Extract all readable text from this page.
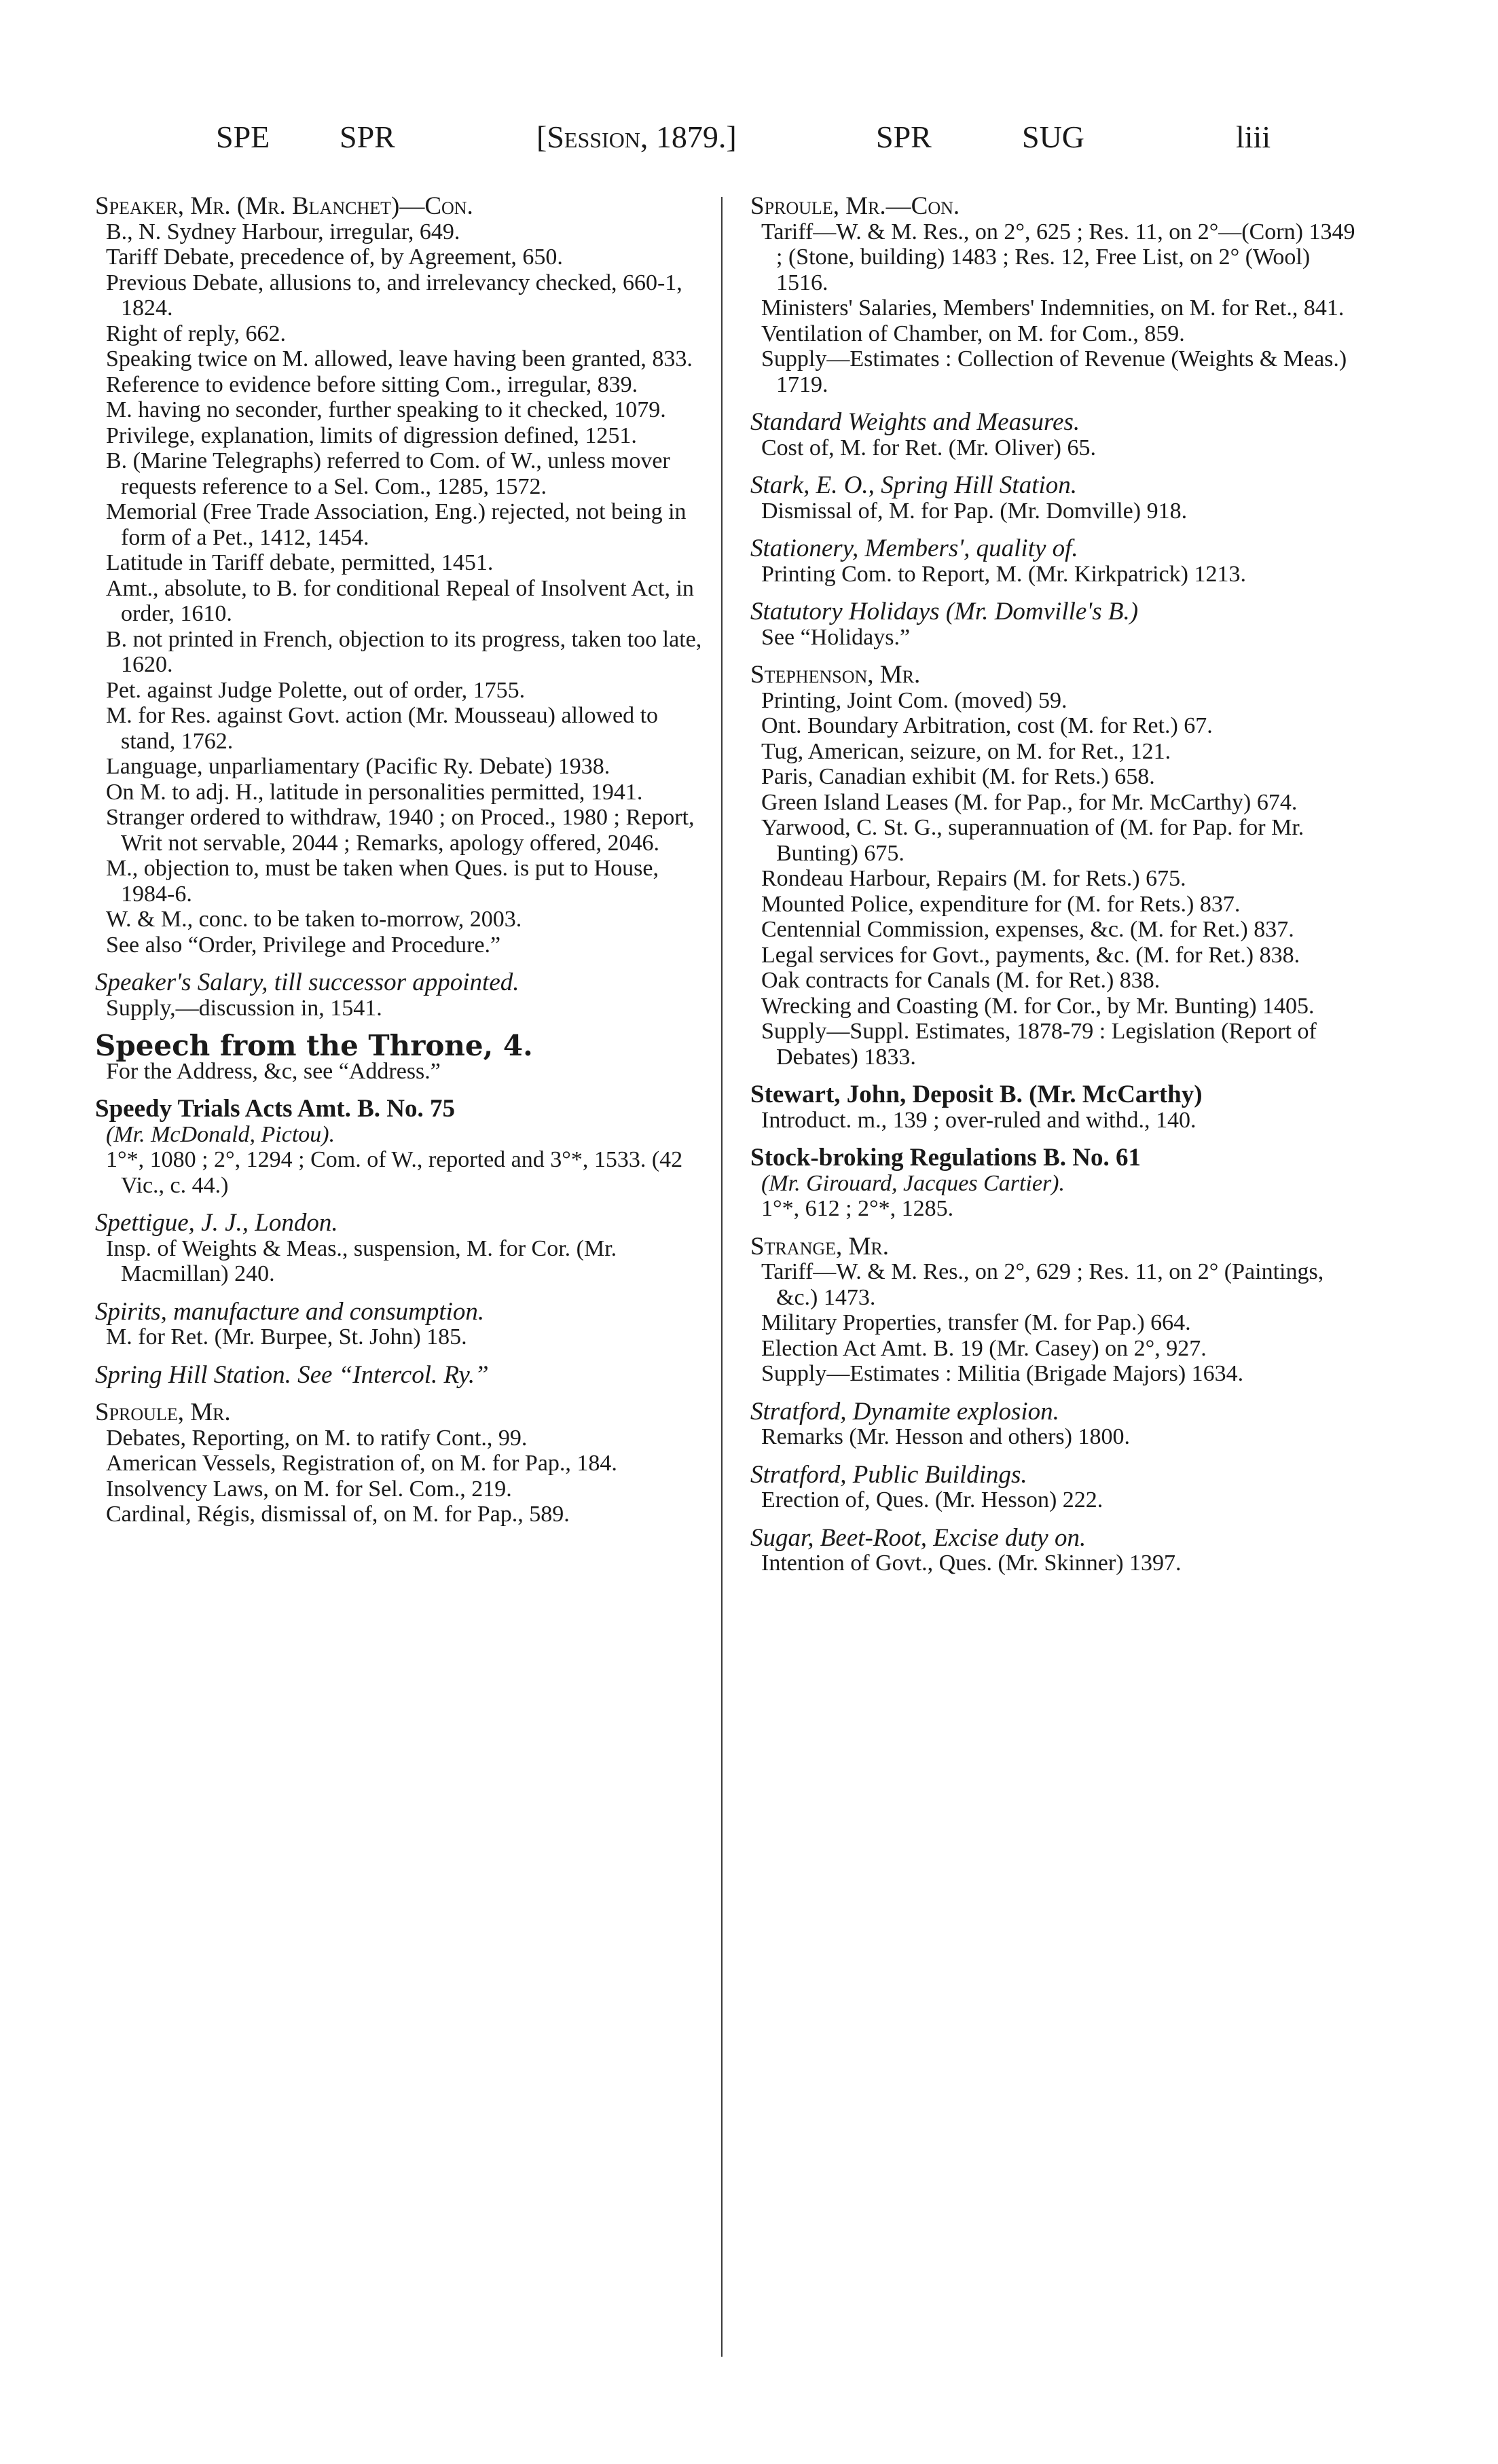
SPE SPR	[Session, 1879.]	SPR	SUG	liii
Speaker, Mr. (Mr. Blanchet)—Con.
B., N. Sydney Harbour, irregular, 649.
Tariff Debate, precedence of, by Agreement, 650.
Previous Debate, allusions to, and irrelevancy checked, 660-1, 1824.
Right of reply, 662.
Speaking twice on M. allowed, leave having been granted, 833.
Reference to evidence before sitting Com., irregular, 839.
M. having no seconder, further speaking to it checked, 1079.
Privilege, explanation, limits of digression defined, 1251.
B. (Marine Telegraphs) referred to Com. of W., unless mover requests reference to a Sel. Com., 1285, 1572.
Memorial (Free Trade Association, Eng.) rejected, not being in form of a Pet., 1412, 1454.
Latitude in Tariff debate, permitted, 1451.
Amt., absolute, to B. for conditional Repeal of Insolvent Act, in order, 1610.
B. not printed in French, objection to its progress, taken too late, 1620.
Pet. against Judge Polette, out of order, 1755.
M. for Res. against Govt. action (Mr. Mousseau) allowed to stand, 1762.
Language, unparliamentary (Pacific Ry. Debate) 1938.
On M. to adj. H., latitude in personalities permitted, 1941.
Stranger ordered to withdraw, 1940 ; on Proced., 1980 ; Report, Writ not servable, 2044 ; Remarks, apology offered, 2046.
M., objection to, must be taken when Ques. is put to House, 1984-6.
W. & M., conc. to be taken to-morrow, 2003.
See also “Order, Privilege and Procedure.”
Speaker's Salary, till successor appointed.
Supply,—discussion in, 1541.
Speech from the Throne, 4.
For the Address, &c, see “Address.”
Speedy Trials Acts Amt. B. No. 75
(Mr. McDonald, Pictou).
1°*, 1080 ; 2°, 1294 ; Com. of W., reported and 3°*, 1533. (42 Vic., c. 44.)
Spettigue, J. J., London.
Insp. of Weights & Meas., suspension, M. for Cor. (Mr. Macmillan) 240.
Spirits, manufacture and consumption.
M. for Ret. (Mr. Burpee, St. John) 185.
Spring Hill Station. See “Intercol. Ry.”
Sproule, Mr.
Debates, Reporting, on M. to ratify Cont., 99.
American Vessels, Registration of, on M. for Pap., 184.
Insolvency Laws, on M. for Sel. Com., 219.
Cardinal, Régis, dismissal of, on M. for Pap., 589.
Sproule, Mr.—Con.
Tariff—W. & M. Res., on 2°, 625 ; Res. 11, on 2°—(Corn) 1349 ; (Stone, building) 1483 ; Res. 12, Free List, on 2° (Wool) 1516.
Ministers' Salaries, Members' Indemnities, on M. for Ret., 841.
Ventilation of Chamber, on M. for Com., 859.
Supply—Estimates : Collection of Revenue (Weights & Meas.) 1719.
Standard Weights and Measures.
Cost of, M. for Ret. (Mr. Oliver) 65.
Stark, E. O., Spring Hill Station.
Dismissal of, M. for Pap. (Mr. Domville) 918.
Stationery, Members', quality of.
Printing Com. to Report, M. (Mr. Kirkpatrick) 1213.
Statutory Holidays (Mr. Domville's B.)
See “Holidays.”
Stephenson, Mr.
Printing, Joint Com. (moved) 59.
Ont. Boundary Arbitration, cost (M. for Ret.) 67.
Tug, American, seizure, on M. for Ret., 121.
Paris, Canadian exhibit (M. for Rets.) 658.
Green Island Leases (M. for Pap., for Mr. McCarthy) 674.
Yarwood, C. St. G., superannuation of (M. for Pap. for Mr. Bunting) 675.
Rondeau Harbour, Repairs (M. for Rets.) 675.
Mounted Police, expenditure for (M. for Rets.) 837.
Centennial Commission, expenses, &c. (M. for Ret.) 837.
Legal services for Govt., payments, &c. (M. for Ret.) 838.
Oak contracts for Canals (M. for Ret.) 838.
Wrecking and Coasting (M. for Cor., by Mr. Bunting) 1405.
Supply—Suppl. Estimates, 1878-79 : Legislation (Report of Debates) 1833.
Stewart, John, Deposit B. (Mr. McCarthy)
Introduct. m., 139 ; over-ruled and withd., 140.
Stock-broking Regulations B. No. 61
(Mr. Girouard, Jacques Cartier).
1°*, 612 ; 2°*, 1285.
Strange, Mr.
Tariff—W. & M. Res., on 2°, 629 ; Res. 11, on 2° (Paintings, &c.) 1473.
Military Properties, transfer (M. for Pap.) 664.
Election Act Amt. B. 19 (Mr. Casey) on 2°, 927.
Supply—Estimates : Militia (Brigade Majors) 1634.
Stratford, Dynamite explosion.
Remarks (Mr. Hesson and others) 1800.
Stratford, Public Buildings.
Erection of, Ques. (Mr. Hesson) 222.
Sugar, Beet-Root, Excise duty on.
Intention of Govt., Ques. (Mr. Skinner) 1397.
